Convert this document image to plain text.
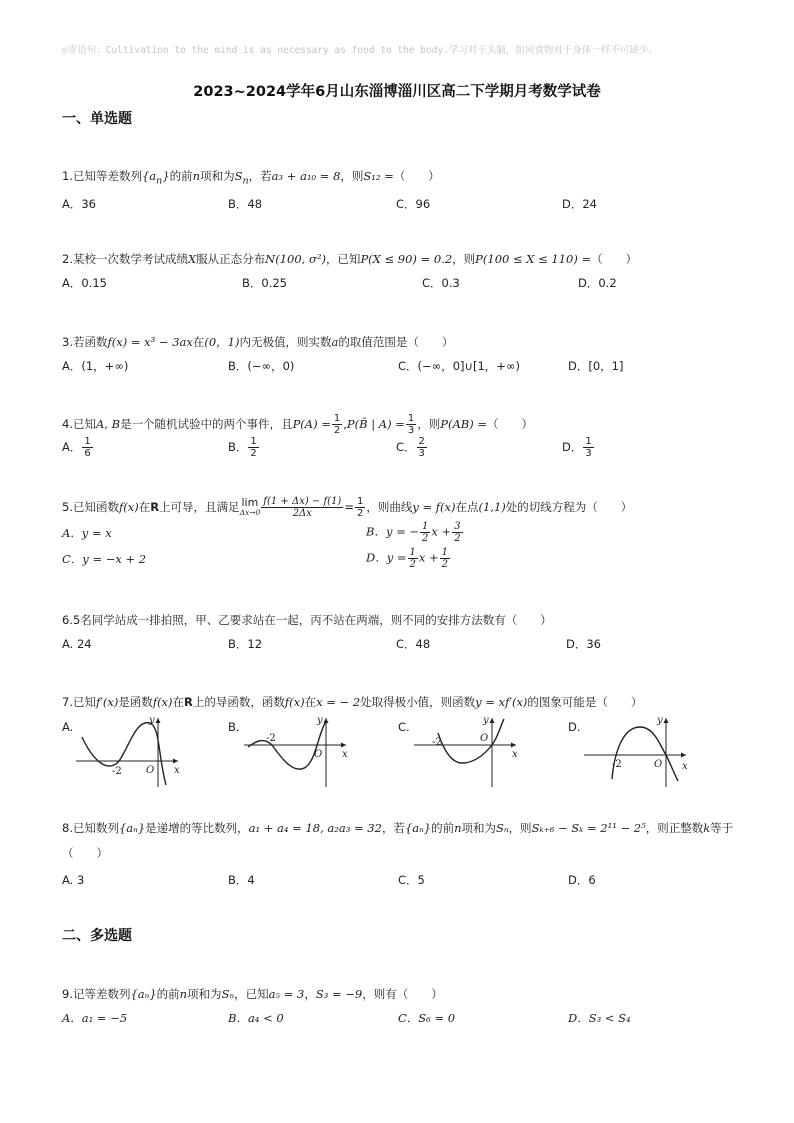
◎寄语句：Cultivation to the mind is as necessary as food to the body.学习对于头脑，如同食物对于身体一样不可缺少。
2023~2024学年6月山东淄博淄川区高二下学期月考数学试卷
一、单选题
1.已知等差数列$\{a_n\}$的前n项和为$S_n$，若a₃ + a₁₀ = 8，则S₁₂ =（　　）
A．36	B．48	C．96	D．24
2.某校一次数学考试成绩X服从正态分布N(100, σ²)，已知P(X ≤ 90) = 0.2，则P(100 ≤ X ≤ 110) =（　　）
A．0.15	B．0.25	C．0.3	D．0.2
3.若函数f(x) = x³ − 3ax在(0，1)内无极值，则实数a的取值范围是（　　）
A．(1，+∞)	B．(−∞，0)	C．(−∞，0]∪[1，+∞)	D．[0，1]
4.已知A, B是一个随机试验中的两个事件，且$P(A) = \frac{1}{2}$ ,P(B̄ | $A) = \frac{1}{3}$ ，则P(AB) =（　　）
A． $\frac{1}{6}$	B． $\frac{1}{2}$	C． $\frac{2}{3}$	D． $\frac{1}{3}$
5.已知函数f(x)在R上可导，且满足 lim
$\Delta x\to 0 \frac{f(1 + \Delta x) - f(1)}{2\Delta x} = \frac{1}{2}$ ，则曲线y = f(x)在点(1,1)处的切线方程为（　　）
A．y = x	B．y = − $\frac{1}{2}$ $x + \frac{3}{2}$
C．y = −x + 2	D．$y = \frac{1}{2}$ $x + \frac{1}{2}$
6.5名同学站成一排拍照，甲、乙要求站在一起，丙不站在两端，则不同的安排方法数有（　　）
A. 24	B．12	C．48	D．36
7.已知f′(x)是函数f(x)在R上的导函数，函数f(x)在x = − 2处取得极小值，则函数y = xf′(x)的图象可能是（　　）
A.	y
x
O
-2
B.	y
x
O
-2
C.	y
x
O
-2
D.	y
x
O
-2
8.已知数列{aₙ}是递增的等比数列，a₁ + a₄ = 18, a₂a₃ = 32，若{aₙ}的前n项和为Sₙ，则Sₖ₊₆ − Sₖ = 2¹¹ − 2⁵，则正整数k等于
（　　）
A. 3	B．4	C．5	D．6
二、多选题
9.记等差数列{aₙ}的前n项和为Sₙ，已知a₅ = 3，S₃ = −9，则有（　　）
A．a₁ = −5	B．a₄ < 0	C．S₆ = 0	D．S₃ < S₄
